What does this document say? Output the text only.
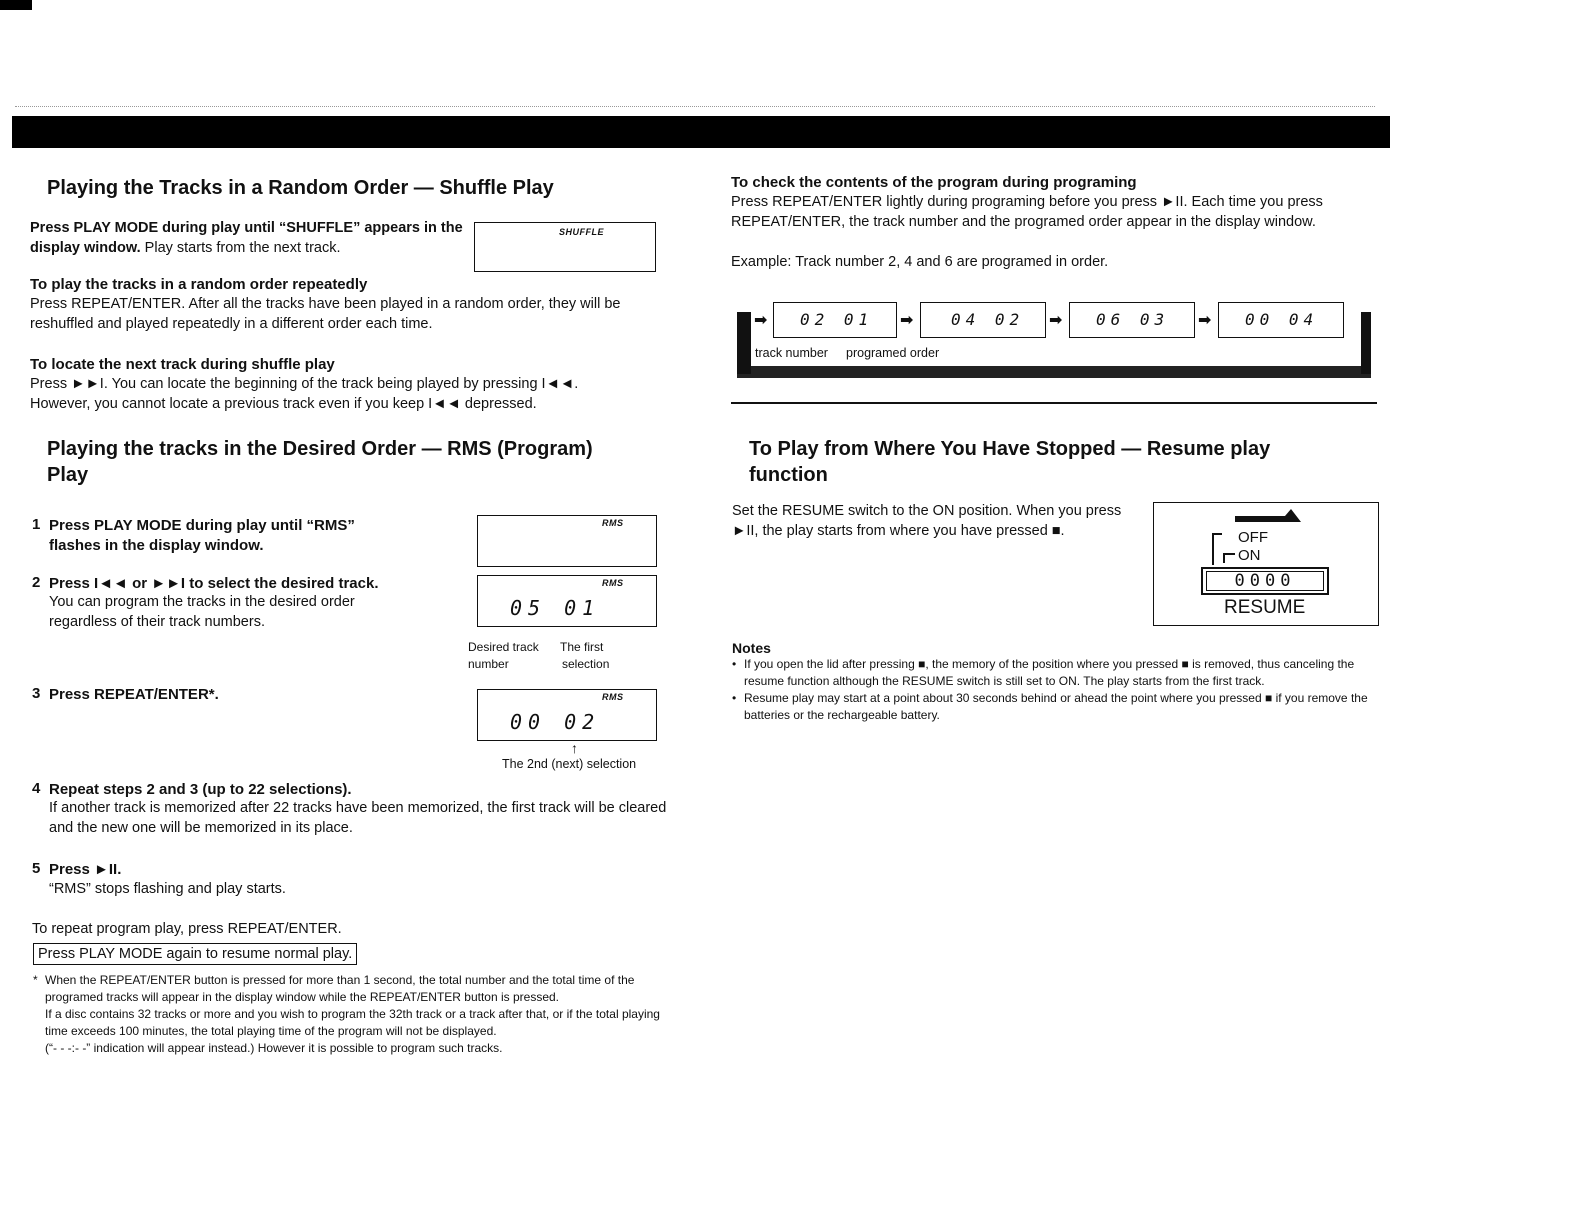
Playing the Tracks in a Random Order — Shuffle Play
Press PLAY MODE during play until “SHUFFLE” appears in the display window. Play starts from the next track.
SHUFFLE
To play the tracks in a random order repeatedly
Press REPEAT/ENTER. After all the tracks have been played in a random order, they will be reshuffled and played repeatedly in a different order each time.
To locate the next track during shuffle play
Press ►►I. You can locate the beginning of the track being played by pressing I◄◄.
However, you cannot locate a previous track even if you keep I◄◄ depressed.
Playing the tracks in the Desired Order — RMS (Program)
Play
1 Press PLAY MODE during play until “RMS” flashes in the display window.
RMS
2 Press I◄◄ or ►►I to select the desired track.
You can program the tracks in the desired order regardless of their track numbers.
RMS
05 01
Desired track
number
The first
selection
3 Press REPEAT/ENTER*.	RMS
00 02
↑
The 2nd (next) selection
4 Repeat steps 2 and 3 (up to 22 selections).
If another track is memorized after 22 tracks have been memorized, the first track will be cleared and the new one will be memorized in its place.
5 Press ►II.
“RMS” stops flashing and play starts.
To repeat program play, press REPEAT/ENTER.
Press PLAY MODE again to resume normal play.
* When the REPEAT/ENTER button is pressed for more than 1 second, the total number and the total time of the programed tracks will appear in the display window while the REPEAT/ENTER button is pressed.
If a disc contains 32 tracks or more and you wish to program the 32th track or a track after that, or if the total playing time exceeds 100 minutes, the total playing time of the program will not be displayed.
(“- - -:- -” indication will appear instead.) However it is possible to program such tracks.
To check the contents of the program during programing
Press REPEAT/ENTER lightly during programing before you press ►II. Each time you press REPEAT/ENTER, the track number and the programed order appear in the display window.
Example: Track number 2, 4 and 6 are programed in order.
➡ 02 01 ➡ 04 02 ➡ 06 03 ➡ 00 04
track number programed order
To Play from Where You Have Stopped — Resume play
function
Set the RESUME switch to the ON position. When you press ►II, the play starts from where you have pressed ■.	OFF
ON
0000
RESUME
Notes
• If you open the lid after pressing ■, the memory of the position where you pressed ■ is removed, thus canceling the resume function although the RESUME switch is still set to ON. The play starts from the first track.
• Resume play may start at a point about 30 seconds behind or ahead the point where you pressed ■ if you remove the batteries or the rechargeable battery.
